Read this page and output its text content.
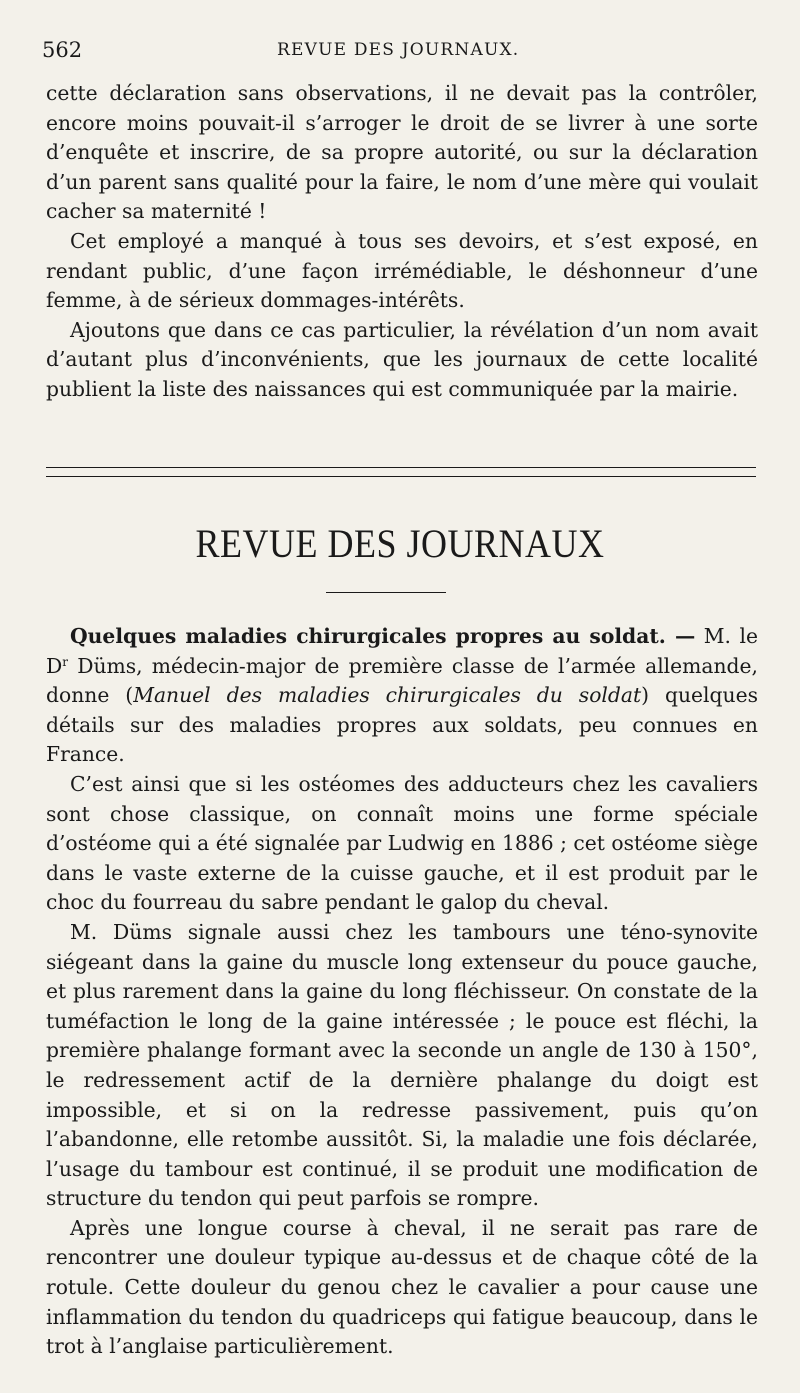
562	REVUE DES JOURNAUX.

cette déclaration sans observations, il ne devait pas la contrôler, encore moins pouvait-il s’arroger le droit de se livrer à une sorte d’enquête et inscrire, de sa propre autorité, ou sur la déclaration d’un parent sans qualité pour la faire, le nom d’une mère qui voulait cacher sa maternité !

Cet employé a manqué à tous ses devoirs, et s’est exposé, en rendant public, d’une façon irrémédiable, le déshonneur d’une femme, à de sérieux dommages-intérêts.

Ajoutons que dans ce cas particulier, la révélation d’un nom avait d’autant plus d’inconvénients, que les journaux de cette localité publient la liste des naissances qui est communiquée par la mairie.

REVUE DES JOURNAUX

Quelques maladies chirurgicales propres au soldat. — M. le $D^r$ Düms, médecin-major de première classe de l’armée allemande, donne (Manuel des maladies chirurgicales du soldat) quelques détails sur des maladies propres aux soldats, peu connues en France.

C’est ainsi que si les ostéomes des adducteurs chez les cavaliers sont chose classique, on connaît moins une forme spéciale d’ostéome qui a été signalée par Ludwig en 1886 ; cet ostéome siège dans le vaste externe de la cuisse gauche, et il est produit par le choc du fourreau du sabre pendant le galop du cheval.

M. Düms signale aussi chez les tambours une téno-synovite siégeant dans la gaine du muscle long extenseur du pouce gauche, et plus rarement dans la gaine du long fléchisseur. On constate de la tuméfaction le long de la gaine intéressée ; le pouce est fléchi, la première phalange formant avec la seconde un angle de 130 à 150°, le redressement actif de la dernière phalange du doigt est impossible, et si on la redresse passivement, puis qu’on l’abandonne, elle retombe aussitôt. Si, la maladie une fois déclarée, l’usage du tambour est continué, il se produit une modification de structure du tendon qui peut parfois se rompre.

Après une longue course à cheval, il ne serait pas rare de rencontrer une douleur typique au-dessus et de chaque côté de la rotule. Cette douleur du genou chez le cavalier a pour cause une inflammation du tendon du quadriceps qui fatigue beaucoup, dans le trot à l’anglaise particulièrement.
